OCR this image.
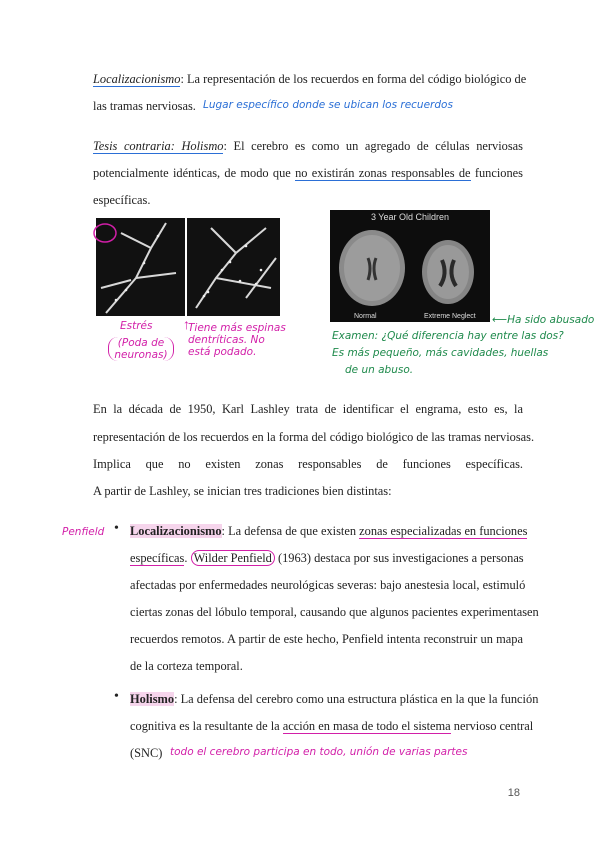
Localizacionismo: La representación de los recuerdos en forma del código biológico de
las tramas nerviosas. Lugar específico donde se ubican los recuerdos
Tesis contraria: Holismo: El cerebro es como un agregado de células nerviosas
potencialmente idénticas, de modo que no existirán zonas responsables de funciones
específicas.
Estrés
(Poda de neuronas)
Tiene más espinas dentríticas. No está podado.
↑
3 Year Old Children
Normal	Extreme Neglect ⟵Ha sido abusado
Examen: ¿Qué diferencia hay entre las dos?
Es más pequeño, más cavidades, huellas
de un abuso.
En la década de 1950, Karl Lashley trata de identificar el engrama, esto es, la
representación de los recuerdos en la forma del código biológico de las tramas nerviosas.
Implica que no existen zonas responsables de funciones específicas.
A partir de Lashley, se inician tres tradiciones bien distintas:
Penfield • Localizacionismo: La defensa de que existen zonas especializadas en funciones
específicas. Wilder Penfield (1963) destaca por sus investigaciones a personas
afectadas por enfermedades neurológicas severas: bajo anestesia local, estimuló
ciertas zonas del lóbulo temporal, causando que algunos pacientes experimentasen
recuerdos remotos. A partir de este hecho, Penfield intenta reconstruir un mapa
de la corteza temporal.
• Holismo: La defensa del cerebro como una estructura plástica en la que la función
cognitiva es la resultante de la acción en masa de todo el sistema nervioso central
(SNC) todo el cerebro participa en todo, unión de varias partes
18
